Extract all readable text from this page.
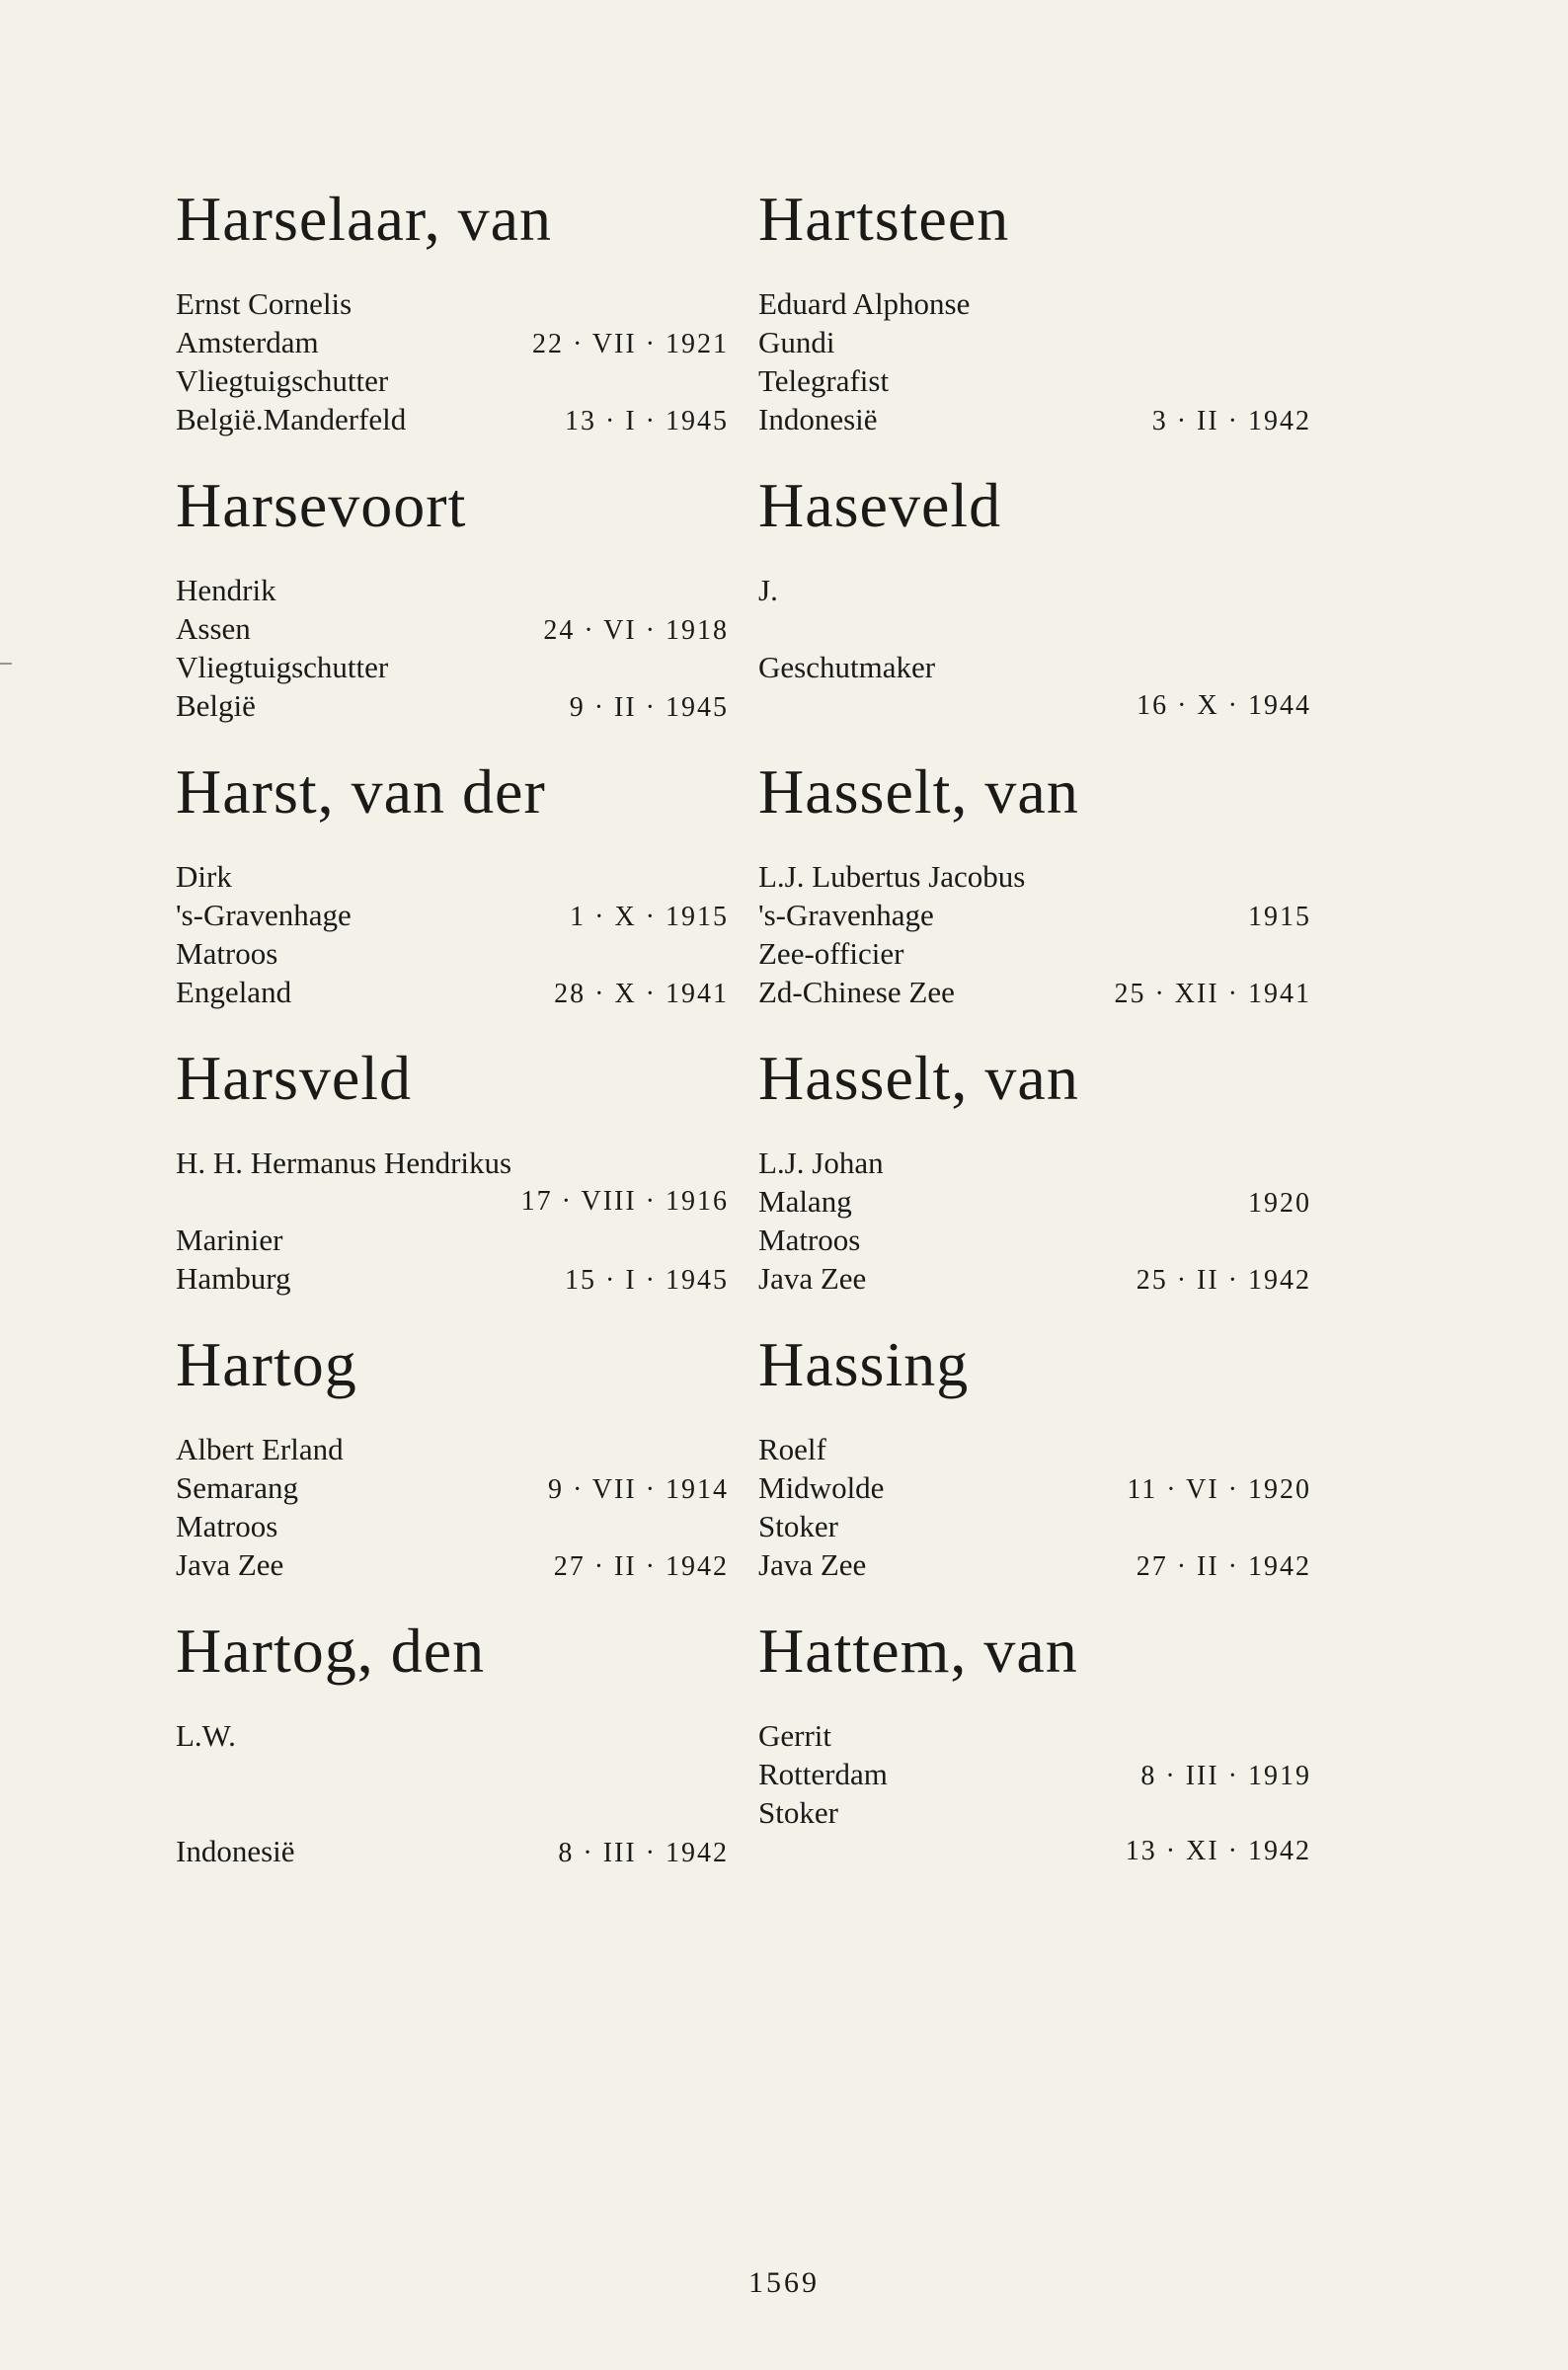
Harselaar, van
Ernst Cornelis
Amsterdam	22 · VII · 1921
Vliegtuigschutter
België.Manderfeld	13 · I · 1945
Harsevoort
Hendrik
Assen	24 · VI · 1918
Vliegtuigschutter
België	9 · II · 1945
Harst, van der
Dirk
's-Gravenhage	1 · X · 1915
Matroos
Engeland	28 · X · 1941
Harsveld
H. H. Hermanus Hendrikus
17 · VIII · 1916
Marinier
Hamburg	15 · I · 1945
Hartog
Albert Erland
Semarang	9 · VII · 1914
Matroos
Java Zee	27 · II · 1942
Hartog, den
L.W.
Indonesië	8 · III · 1942
Hartsteen
Eduard Alphonse
Gundi
Telegrafist
Indonesië	3 · II · 1942
Haseveld
J.
Geschutmaker
16 · X · 1944
Hasselt, van
L.J. Lubertus Jacobus
's-Gravenhage	1915
Zee-officier
Zd-Chinese Zee	25 · XII · 1941
Hasselt, van
L.J. Johan
Malang	1920
Matroos
Java Zee	25 · II · 1942
Hassing
Roelf
Midwolde	11 · VI · 1920
Stoker
Java Zee	27 · II · 1942
Hattem, van
Gerrit
Rotterdam	8 · III · 1919
Stoker
13 · XI · 1942
1569
